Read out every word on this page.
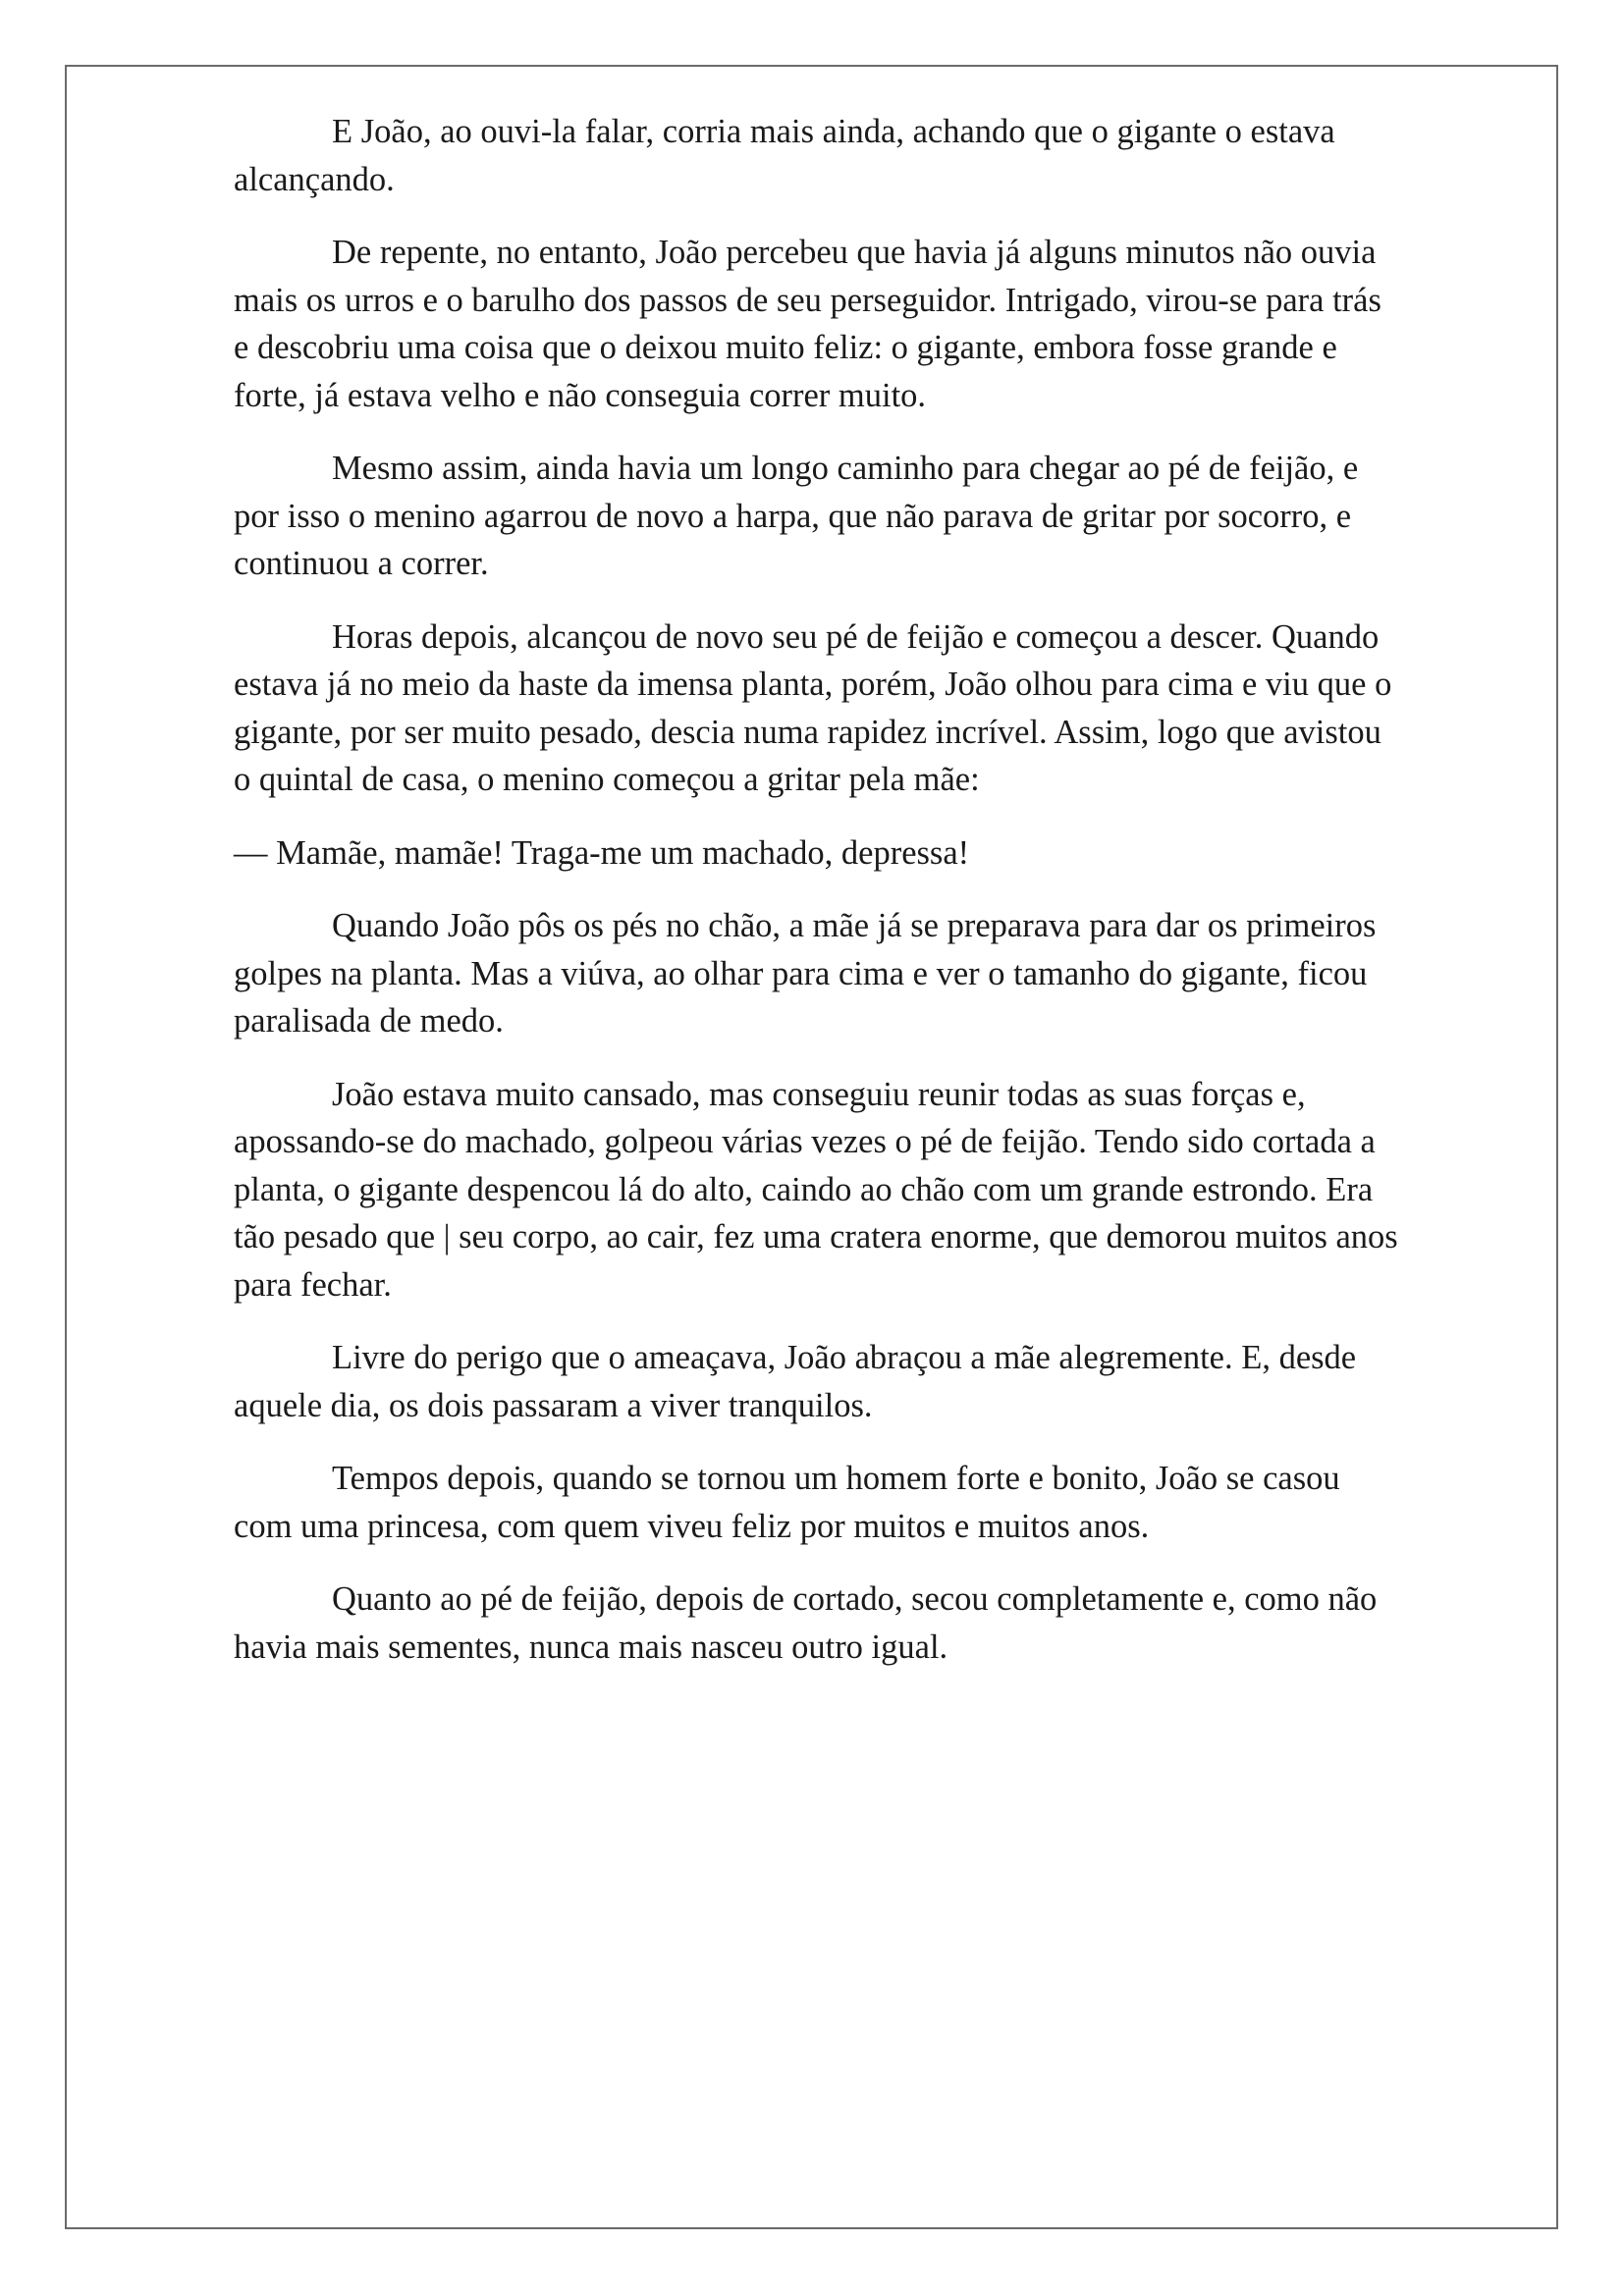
E João, ao ouvi-la falar, corria mais ainda, achando que o gigante o estava alcançando.

De repente, no entanto, João percebeu que havia já alguns minutos não ouvia mais os urros e o barulho dos passos de seu perseguidor. Intrigado, virou-se para trás e descobriu uma coisa que o deixou muito feliz: o gigante, embora fosse grande e forte, já estava velho e não conseguia correr muito.

Mesmo assim, ainda havia um longo caminho para chegar ao pé de feijão, e por isso o menino agarrou de novo a harpa, que não parava de gritar por socorro, e continuou a correr.

Horas depois, alcançou de novo seu pé de feijão e começou a descer. Quando estava já no meio da haste da imensa planta, porém, João olhou para cima e viu que o gigante, por ser muito pesado, descia numa rapidez incrível. Assim, logo que avistou o quintal de casa, o menino começou a gritar pela mãe:

— Mamãe, mamãe! Traga-me um machado, depressa!

Quando João pôs os pés no chão, a mãe já se preparava para dar os primeiros golpes na planta. Mas a viúva, ao olhar para cima e ver o tamanho do gigante, ficou paralisada de medo.

João estava muito cansado, mas conseguiu reunir todas as suas forças e, apossando-se do machado, golpeou várias vezes o pé de feijão. Tendo sido cortada a planta, o gigante despencou lá do alto, caindo ao chão com um grande estrondo. Era tão pesado que | seu corpo, ao cair, fez uma cratera enorme, que demorou muitos anos para fechar.

Livre do perigo que o ameaçava, João abraçou a mãe alegremente. E, desde aquele dia, os dois passaram a viver tranquilos.

Tempos depois, quando se tornou um homem forte e bonito, João se casou com uma princesa, com quem viveu feliz por muitos e muitos anos.

Quanto ao pé de feijão, depois de cortado, secou completamente e, como não havia mais sementes, nunca mais nasceu outro igual.
